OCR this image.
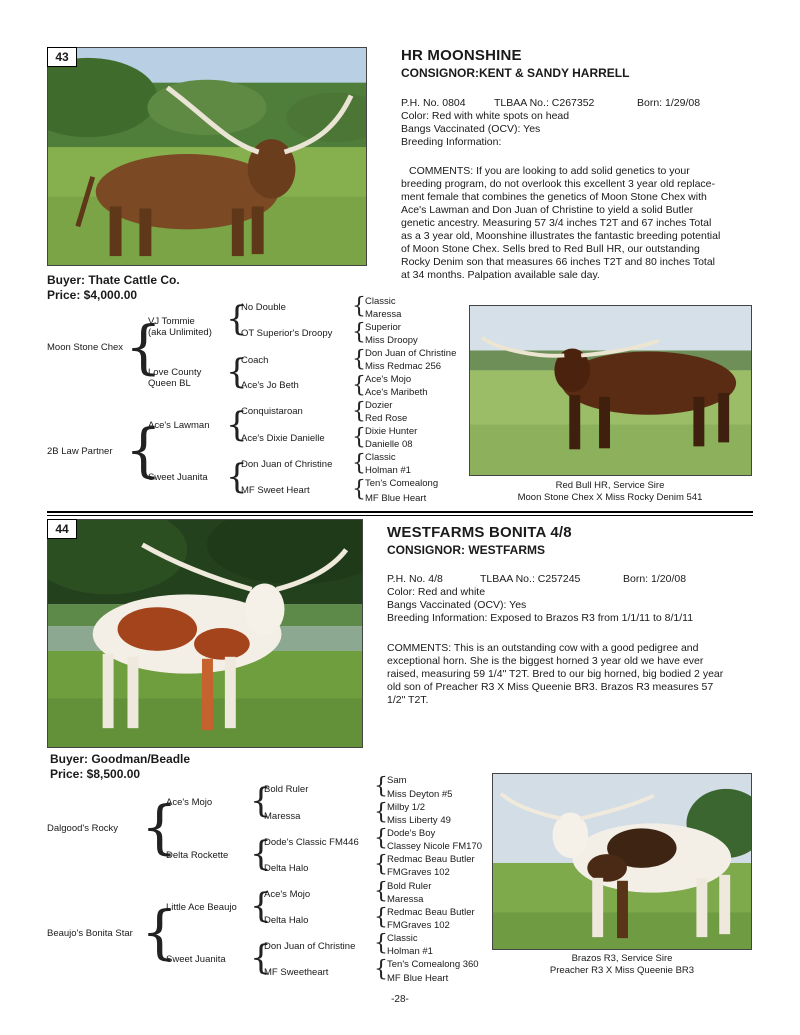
43	HR MOONSHINE
CONSIGNOR:KENT & SANDY HARRELL
P.H. No. 0804	TLBAA No.: C267352	Born: 1/29/08
Color: Red with white spots on head
Bangs Vaccinated (OCV): Yes
Breeding Information:
COMMENTS: If you are looking to add solid genetics to your
breeding program, do not overlook this excellent 3 year old replace-
ment female that combines the genetics of Moon Stone Chex with
Ace's Lawman and Don Juan of Christine to yield a solid Butler
genetic ancestry. Measuring 57 3/4 inches T2T and 67 inches Total
as a 3 year old, Moonshine illustrates the fantastic breeding potential
of Moon Stone Chex. Sells bred to Red Bull HR, our outstanding
Rocky Denim son that measures 66 inches T2T and 80 inches Total
at 34 months. Palpation available sale day.
Buyer: Thate Cattle Co.
Price: $4,000.00
Moon Stone Chex
2B Law Partner
{
{
VJ Tommie
(aka Unlimited)
Love County
Queen BL
Ace's Lawman
Sweet Juanita
{
{
{
{
No Double
OT Superior's Droopy
Coach
Ace's Jo Beth
Conquistaroan
Ace's Dixie Danielle
Don Juan of Christine
MF Sweet Heart
{
{
{
{
{
{
{
{
Classic
Maressa
Superior
Miss Droopy
Don Juan of Christine
Miss Redmac 256
Ace's Mojo
Ace's Maribeth
Dozier
Red Rose
Dixie Hunter
Danielle 08
Classic
Holman #1
Ten's Comealong
MF Blue Heart
Red Bull HR, Service Sire
Moon Stone Chex X Miss Rocky Denim 541
44	WESTFARMS BONITA 4/8
CONSIGNOR: WESTFARMS
P.H. No. 4/8	TLBAA No.: C257245	Born: 1/20/08
Color: Red and white
Bangs Vaccinated (OCV): Yes
Breeding Information: Exposed to Brazos R3 from 1/1/11 to 8/1/11
COMMENTS: This is an outstanding cow with a good pedigree and
exceptional horn. She is the biggest horned 3 year old we have ever
raised, measuring 59 1/4" T2T. Bred to our big horned, big bodied 2 year
old son of Preacher R3 X Miss Queenie BR3. Brazos R3 measures 57
1/2" T2T.
Buyer: Goodman/Beadle
Price: $8,500.00
Dalgood's Rocky
Beaujo's Bonita Star
{
{
Ace's Mojo
Delta Rockette
Little Ace Beaujo
Sweet Juanita
{
{
{
{
Bold Ruler
Maressa
Dode's Classic FM446
Delta Halo
Ace's Mojo
Delta Halo
Don Juan of Christine
MF Sweetheart
{
{
{
{
{
{
{
{
Sam
Miss Deyton #5
Milby 1/2
Miss Liberty 49
Dode's Boy
Classey Nicole FM170
Redmac Beau Butler
FMGraves 102
Bold Ruler
Maressa
Redmac Beau Butler
FMGraves 102
Classic
Holman #1
Ten's Comealong 360
MF Blue Heart
Brazos R3, Service Sire
Preacher R3 X Miss Queenie BR3
-28-
